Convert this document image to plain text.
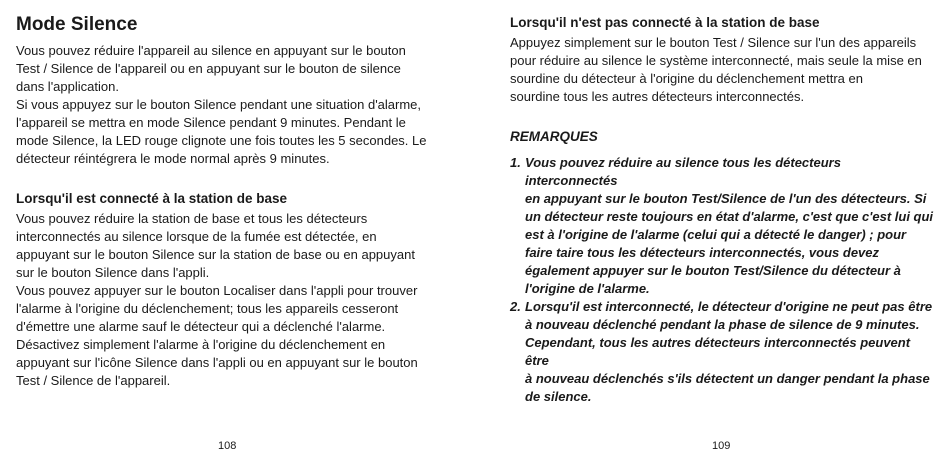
Mode Silence
Vous pouvez réduire l'appareil au silence en appuyant sur le bouton
Test / Silence de l'appareil ou en appuyant sur le bouton de silence
dans l'application.
Si vous appuyez sur le bouton Silence pendant une situation d'alarme,
l'appareil se mettra en mode Silence pendant 9 minutes. Pendant le
mode Silence, la LED rouge clignote une fois toutes les 5 secondes. Le
détecteur réintégrera le mode normal après 9 minutes.
Lorsqu'il est connecté à la station de base
Vous pouvez réduire la station de base et tous les détecteurs
interconnectés au silence lorsque de la fumée est détectée, en
appuyant sur le bouton Silence sur la station de base ou en appuyant
sur le bouton Silence dans l'appli.
Vous pouvez appuyer sur le bouton Localiser dans l'appli pour trouver
l'alarme à l'origine du déclenchement; tous les appareils cesseront
d'émettre une alarme sauf le détecteur qui a déclenché l'alarme.
Désactivez simplement l'alarme à l'origine du déclenchement en
appuyant sur l'icône Silence dans l'appli ou en appuyant sur le bouton
Test / Silence de l'appareil.
Lorsqu'il n'est pas connecté à la station de base
Appuyez simplement sur le bouton Test / Silence sur l'un des appareils
pour réduire au silence le système interconnecté, mais seule la mise en
sourdine du détecteur à l'origine du déclenchement mettra en
sourdine tous les autres détecteurs interconnectés.
REMARQUES
1. Vous pouvez réduire au silence tous les détecteurs interconnectés
en appuyant sur le bouton Test/Silence de l'un des détecteurs. Si
un détecteur reste toujours en état d'alarme, c'est que c'est lui qui
est à l'origine de l'alarme (celui qui a détecté le danger) ; pour
faire taire tous les détecteurs interconnectés, vous devez
également appuyer sur le bouton Test/Silence du détecteur à
l'origine de l'alarme.
2. Lorsqu'il est interconnecté, le détecteur d'origine ne peut pas être
à nouveau déclenché pendant la phase de silence de 9 minutes.
Cependant, tous les autres détecteurs interconnectés peuvent être
à nouveau déclenchés s'ils détectent un danger pendant la phase
de silence.
108	109
